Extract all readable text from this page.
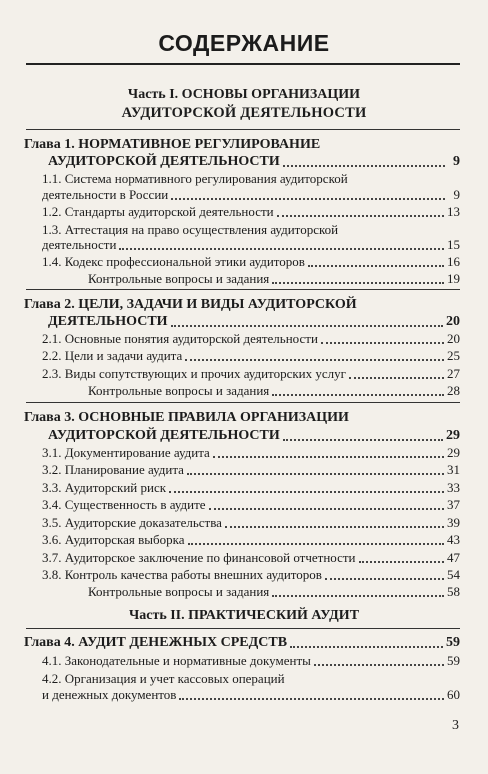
СОДЕРЖАНИЕ
Часть I. ОСНОВЫ ОРГАНИЗАЦИИ
АУДИТОРСКОЙ ДЕЯТЕЛЬНОСТИ
Глава 1. НОРМАТИВНОЕ РЕГУЛИРОВАНИЕ
АУДИТОРСКОЙ ДЕЯТЕЛЬНОСТИ	9
1.1. Система нормативного регулирования аудиторской
деятельности в России	9
1.2. Стандарты аудиторской деятельности	13
1.3. Аттестация на право осуществления аудиторской
деятельности	15
1.4. Кодекс профессиональной этики аудиторов	16
Контрольные вопросы и задания	19
Глава 2. ЦЕЛИ, ЗАДАЧИ И ВИДЫ АУДИТОРСКОЙ
ДЕЯТЕЛЬНОСТИ	20
2.1. Основные понятия аудиторской деятельности	20
2.2. Цели и задачи аудита	25
2.3. Виды сопутствующих и прочих аудиторских услуг	27
Контрольные вопросы и задания	28
Глава 3. ОСНОВНЫЕ ПРАВИЛА ОРГАНИЗАЦИИ
АУДИТОРСКОЙ ДЕЯТЕЛЬНОСТИ	29
3.1. Документирование аудита	29
3.2. Планирование аудита	31
3.3. Аудиторский риск	33
3.4. Существенность в аудите	37
3.5. Аудиторские доказательства	39
3.6. Аудиторская выборка	43
3.7. Аудиторское заключение по финансовой отчетности	47
3.8. Контроль качества работы внешних аудиторов	54
Контрольные вопросы и задания	58
Часть II. ПРАКТИЧЕСКИЙ АУДИТ
Глава 4. АУДИТ ДЕНЕЖНЫХ СРЕДСТВ	59
4.1. Законодательные и нормативные документы	59
4.2. Организация и учет кассовых операций
и денежных документов	60
3
